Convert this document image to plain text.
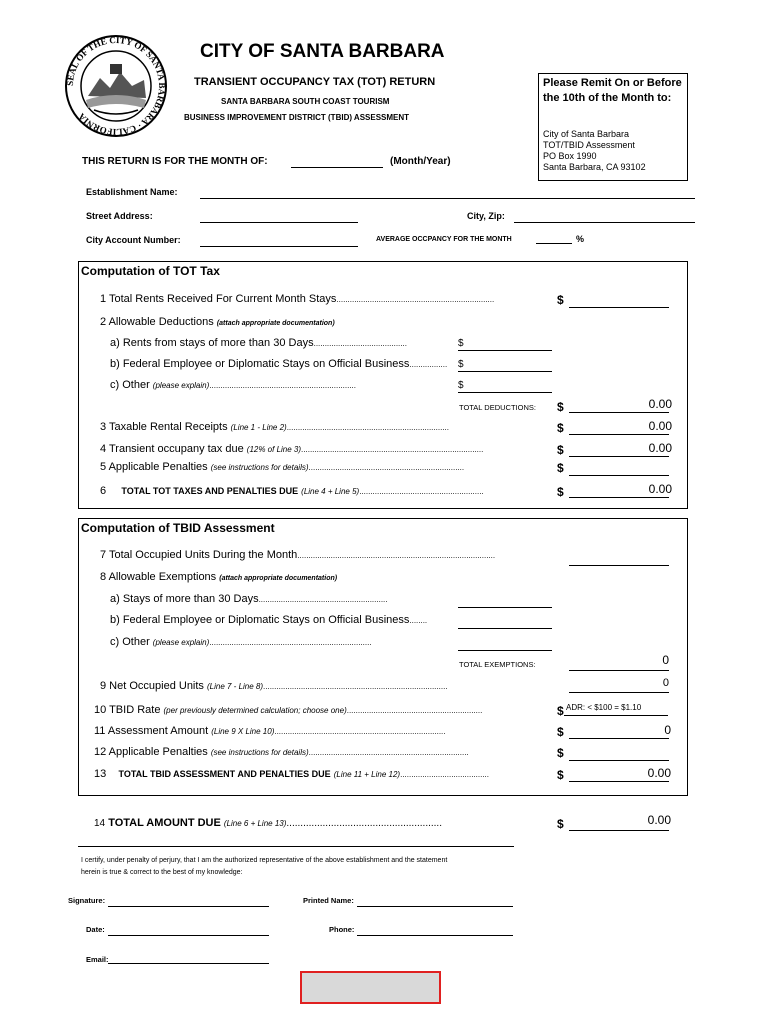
SEAL OF THE CITY OF SANTA BARBARA · CALIFORNIA
CITY OF SANTA BARBARA
TRANSIENT OCCUPANCY TAX (TOT) RETURN
SANTA BARBARA SOUTH COAST TOURISM
BUSINESS IMPROVEMENT DISTRICT (TBID) ASSESSMENT
Please Remit On or Before the 10th of the Month to:
City of Santa Barbara
TOT/TBID Assessment
PO Box 1990
Santa Barbara, CA 93102
THIS RETURN IS FOR THE MONTH OF:	(Month/Year)
Establishment Name:
Street Address:	City, Zip:
City Account Number:	AVERAGE OCCPANCY FOR THE MONTH	%
Computation of TOT Tax
1 Total Rents Received For Current Month Stays.......................................................................	$
2 Allowable Deductions (attach appropriate documentation)
a) Rents from stays of more than 30 Days..........................................	$
b) Federal Employee or Diplomatic Stays on Official Business................. $
c) Other (please explain)..................................................................	$
TOTAL DEDUCTIONS: $	0.00
3 Taxable Rental Receipts (Line 1 - Line 2).........................................................................	$	0.00
4 Transient occupany tax due (12% of Line 3)..................................................................................	$	0.00
5 Applicable Penalties (see instructions for details)......................................................................	$
6 TOTAL TOT TAXES AND PENALTIES DUE (Line 4 + Line 5)........................................................	$	0.00
Computation of TBID Assessment
7 Total Occupied Units During the Month.........................................................................................
8 Allowable Exemptions (attach appropriate documentation)
a) Stays of more than 30 Days..........................................................
b) Federal Employee or Diplomatic Stays on Official Business........
c) Other (please explain).........................................................................
TOTAL EXEMPTIONS:	0
9 Net Occupied Units (Line 7 - Line 8)...................................................................................	0
10 TBID Rate (per previously determined calculation; choose one).............................................................	$ ADR: < $100 = $1.10
11 Assessment Amount (Line 9 X Line 10).............................................................................	$	0
12 Applicable Penalties (see instructions for details)........................................................................	$
13 TOTAL TBID ASSESSMENT AND PENALTIES DUE (Line 11 + Line 12)........................................	$	0.00
14 TOTAL AMOUNT DUE (Line 6 + Line 13)........................................................	$	0.00
I certify, under penalty of perjury, that I am the authorized representative of the above establishment and the statement
herein is true & correct to the best of my knowledge:
Signature:	Printed Name:
Date:	Phone:
Email:
